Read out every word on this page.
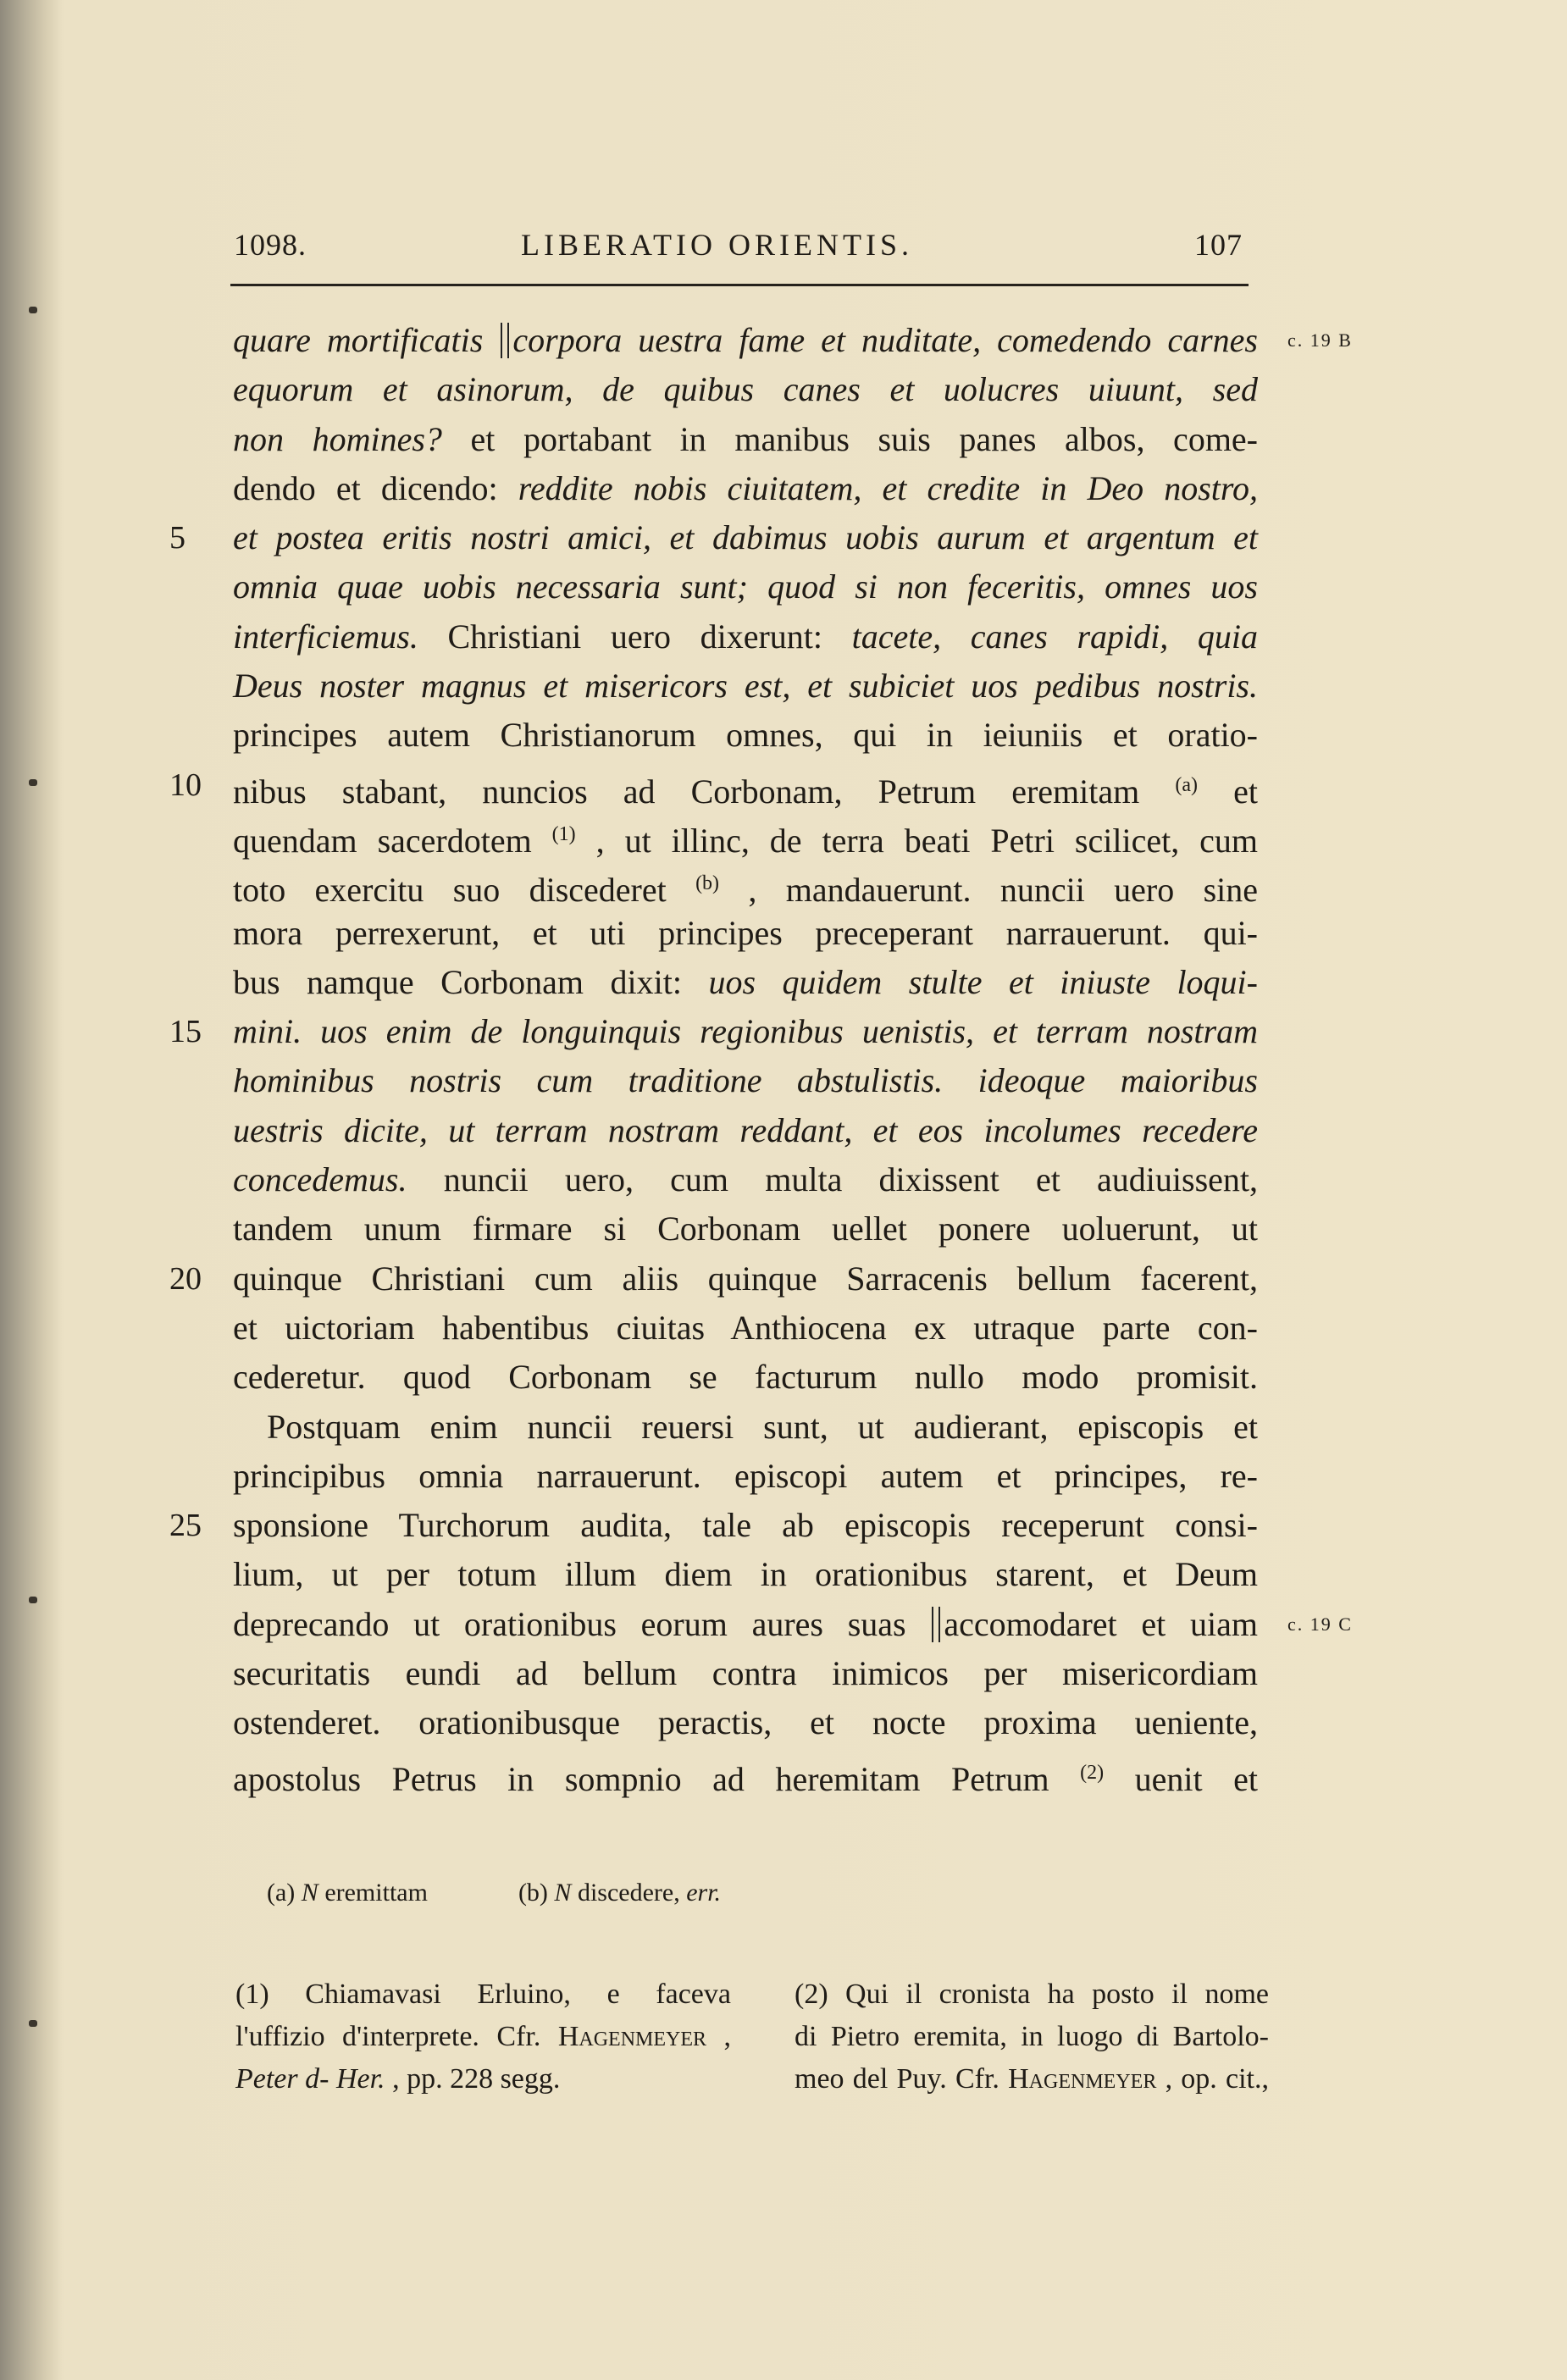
1098.	LIBERATIO ORIENTIS.	107
c. 19 B
quare mortificatis corpora uestra fame et nuditate, comedendo carnes
equorum et asinorum, de quibus canes et uolucres uiuunt, sed
non homines? et portabant in manibus suis panes albos, come-
dendo et dicendo: reddite nobis ciuitatem, et credite in Deo nostro,
5	et postea eritis nostri amici, et dabimus uobis aurum et argentum et
omnia quae uobis necessaria sunt; quod si non feceritis, omnes uos
interficiemus. Christiani uero dixerunt: tacete, canes rapidi, quia
Deus noster magnus et misericors est, et subiciet uos pedibus nostris.
principes autem Christianorum omnes, qui in ieiuniis et oratio-
10 nibus stabant, nuncios ad Corbonam, Petrum eremitam $^{(a)}$ et
quendam sacerdotem $^{(1)}$ , ut illinc, de terra beati Petri scilicet, cum
toto exercitu suo discederet $^{(b)}$ , mandauerunt. nuncii uero sine
mora perrexerunt, et uti principes preceperant narrauerunt. qui-
bus namque Corbonam dixit: uos quidem stulte et iniuste loqui-
15 mini. uos enim de longuinquis regionibus uenistis, et terram nostram
hominibus nostris cum traditione abstulistis. ideoque maioribus
uestris dicite, ut terram nostram reddant, et eos incolumes recedere
concedemus. nuncii uero, cum multa dixissent et audiuissent,
tandem unum firmare si Corbonam uellet ponere uoluerunt, ut
20 quinque Christiani cum aliis quinque Sarracenis bellum facerent,
et uictoriam habentibus ciuitas Anthiocena ex utraque parte con-
cederetur. quod Corbonam se facturum nullo modo promisit.
Postquam enim nuncii reuersi sunt, ut audierant, episcopis et
principibus omnia narrauerunt. episcopi autem et principes, re-
25 sponsione Turchorum audita, tale ab episcopis receperunt consi-
lium, ut per totum illum diem in orationibus starent, et Deum
c. 19 C
deprecando ut orationibus eorum aures suas accomodaret et uiam
securitatis eundi ad bellum contra inimicos per misericordiam
ostenderet. orationibusque peractis, et nocte proxima ueniente,
apostolus Petrus in sompnio ad heremitam Petrum $^{(2)}$ uenit et
(a) N eremittam	(b) N discedere, err.
(1) Chiamavasi Erluino, e faceva
l'uffizio d'interprete. Cfr. Hagenmeyer ,
Peter d- Her. , pp. 228 segg.
(2) Qui il cronista ha posto il nome
di Pietro eremita, in luogo di Bartolo-
meo del Puy. Cfr. Hagenmeyer , op. cit.,
